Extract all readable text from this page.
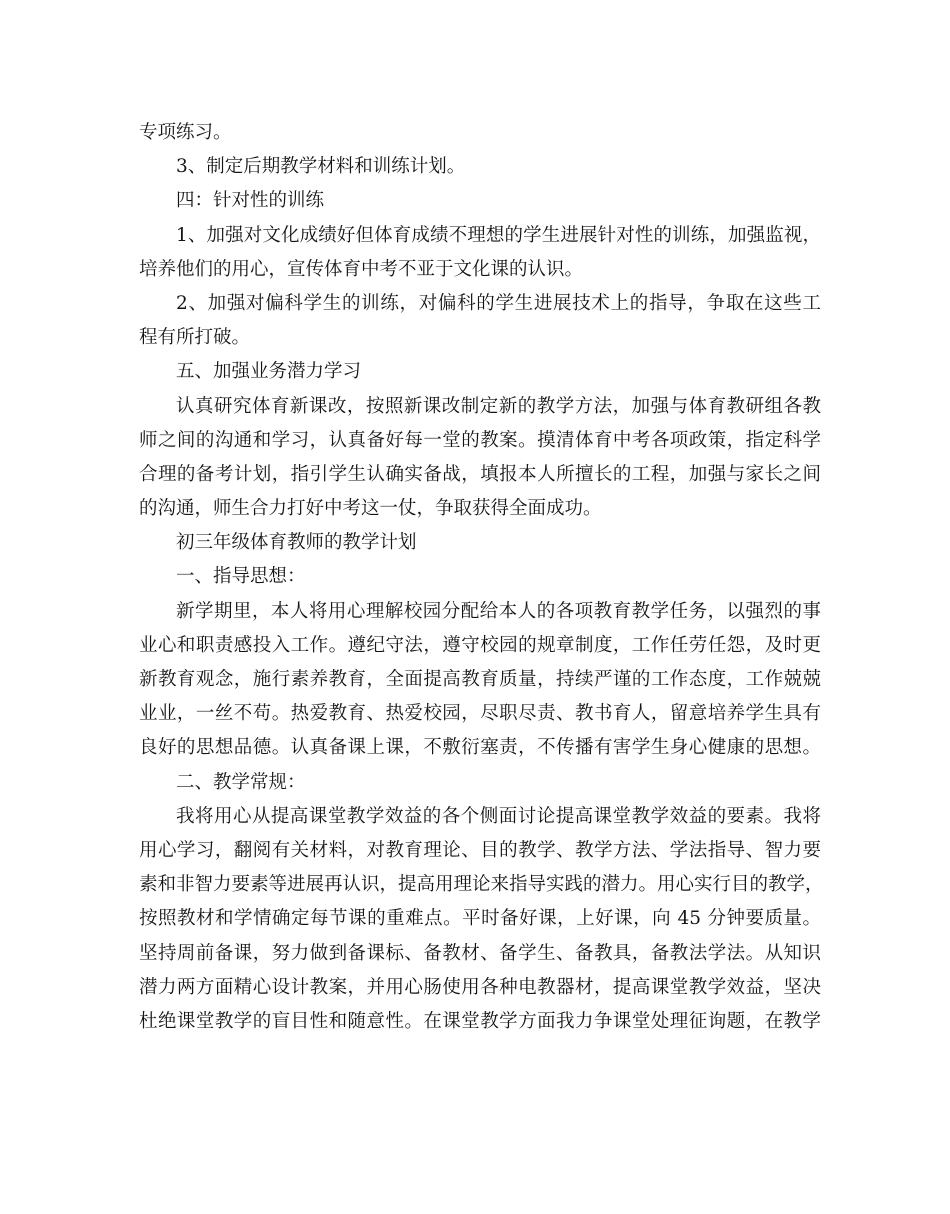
专项练习。
3、制定后期教学材料和训练计划。
四：针对性的训练
1、加强对文化成绩好但体育成绩不理想的学生进展针对性的训练，加强监视，
培养他们的用心，宣传体育中考不亚于文化课的认识。
2、加强对偏科学生的训练，对偏科的学生进展技术上的指导，争取在这些工
程有所打破。
五、加强业务潜力学习
认真研究体育新课改，按照新课改制定新的教学方法，加强与体育教研组各教
师之间的沟通和学习，认真备好每一堂的教案。摸清体育中考各项政策，指定科学
合理的备考计划，指引学生认确实备战，填报本人所擅长的工程，加强与家长之间
的沟通，师生合力打好中考这一仗，争取获得全面成功。
初三年级体育教师的教学计划
一、指导思想：
新学期里，本人将用心理解校园分配给本人的各项教育教学任务，以强烈的事
业心和职责感投入工作。遵纪守法，遵守校园的规章制度，工作任劳任怨，及时更
新教育观念，施行素养教育，全面提高教育质量，持续严谨的工作态度，工作兢兢
业业，一丝不苟。热爱教育、热爱校园，尽职尽责、教书育人，留意培养学生具有
良好的思想品德。认真备课上课，不敷衍塞责，不传播有害学生身心健康的思想。
二、教学常规：
我将用心从提高课堂教学效益的各个侧面讨论提高课堂教学效益的要素。我将
用心学习，翻阅有关材料，对教育理论、目的教学、教学方法、学法指导、智力要
素和非智力要素等进展再认识，提高用理论来指导实践的潜力。用心实行目的教学，
按照教材和学情确定每节课的重难点。平时备好课，上好课，向 45 分钟要质量。
坚持周前备课，努力做到备课标、备教材、备学生、备教具，备教法学法。从知识
潜力两方面精心设计教案，并用心肠使用各种电教器材，提高课堂教学效益，坚决
杜绝课堂教学的盲目性和随意性。在课堂教学方面我力争课堂处理征询题，在教学
